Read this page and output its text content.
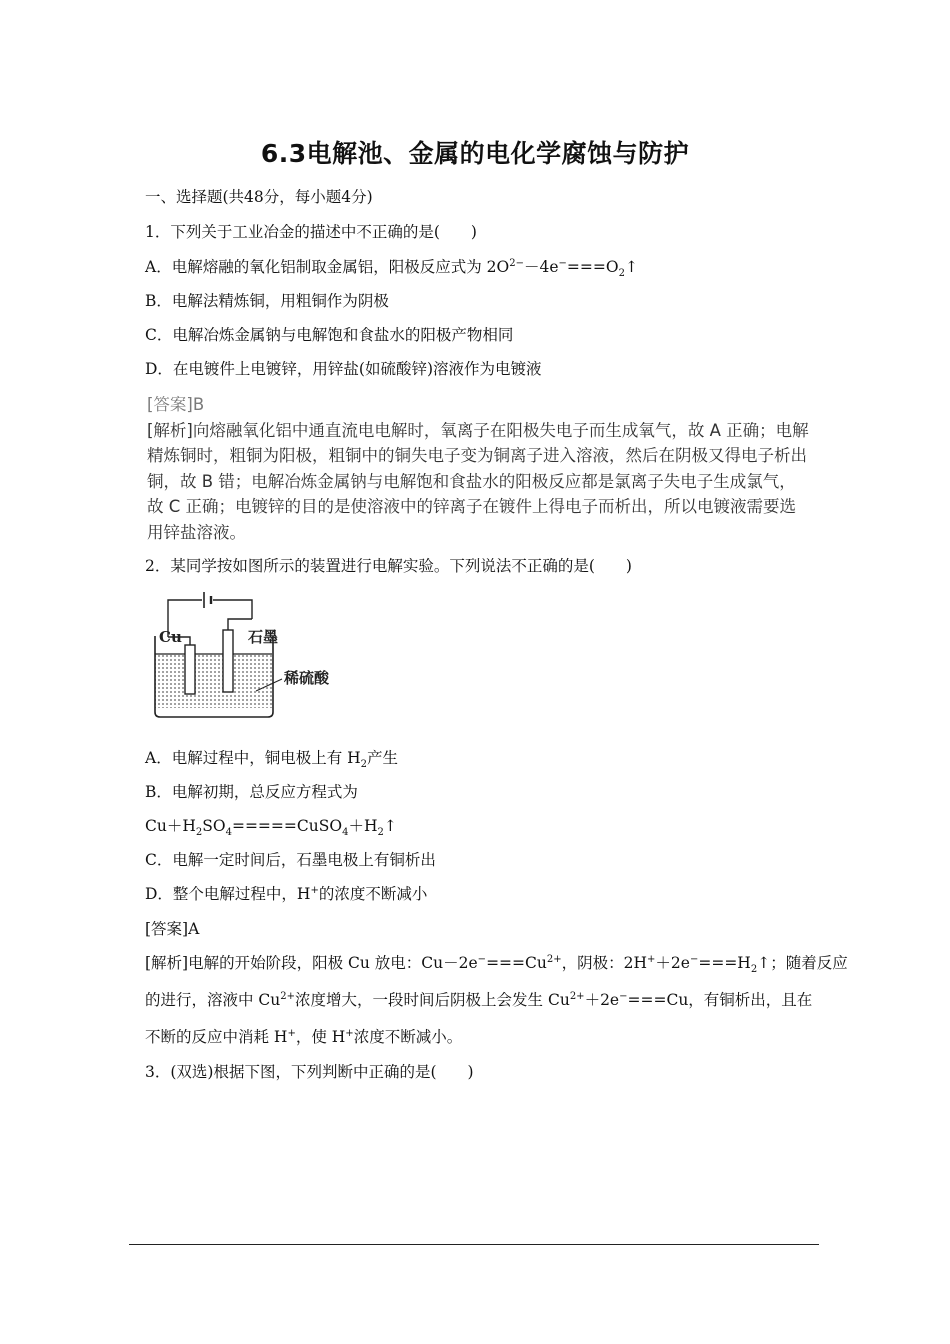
6.3电解池、金属的电化学腐蚀与防护
一、选择题(共48分，每小题4分)
1．下列关于工业冶金的描述中不正确的是(　　)
A．电解熔融的氧化铝制取金属铝，阳极反应式为 $2O^{2-}-4e^-===O_2↑$
B．电解法精炼铜，用粗铜作为阴极
C．电解冶炼金属钠与电解饱和食盐水的阳极产物相同
D．在电镀件上电镀锌，用锌盐(如硫酸锌)溶液作为电镀液

[答案]B

[解析]向熔融氧化铝中通直流电电解时，氧离子在阳极失电子而生成氧气，故 A 正确；电解

精炼铜时，粗铜为阳极，粗铜中的铜失电子变为铜离子进入溶液，然后在阴极又得电子析出

铜，故 B 错；电解冶炼金属钠与电解饱和食盐水的阳极反应都是氯离子失电子生成氯气，

故 C 正确；电镀锌的目的是使溶液中的锌离子在镀件上得电子而析出，所以电镀液需要选

用锌盐溶液。

2．某同学按如图所示的装置进行电解实验。下列说法不正确的是(　　)
Cu	石墨
稀硫酸
A．电解过程中，铜电极上有 $H_2$产生
B．电解初期，总反应方程式为
$Cu+H_2SO_4=====CuSO_4+H_2↑$
C．电解一定时间后，石墨电极上有铜析出
D．整个电解过程中，H+的浓度不断减小
[答案]A
[解析]电解的开始阶段，阳极 Cu 放电：$Cu-2e^-===Cu^{2+}$，阴极：$2H^++2e^-===H_2↑$；随着反应
的进行，溶液中 $Cu^{2+}$浓度增大，一段时间后阴极上会发生 $Cu^{2+}+2e^-===Cu$，有铜析出，且在
不断的反应中消耗 H+，使 H+浓度不断减小。
3．(双选)根据下图，下列判断中正确的是(　　)
